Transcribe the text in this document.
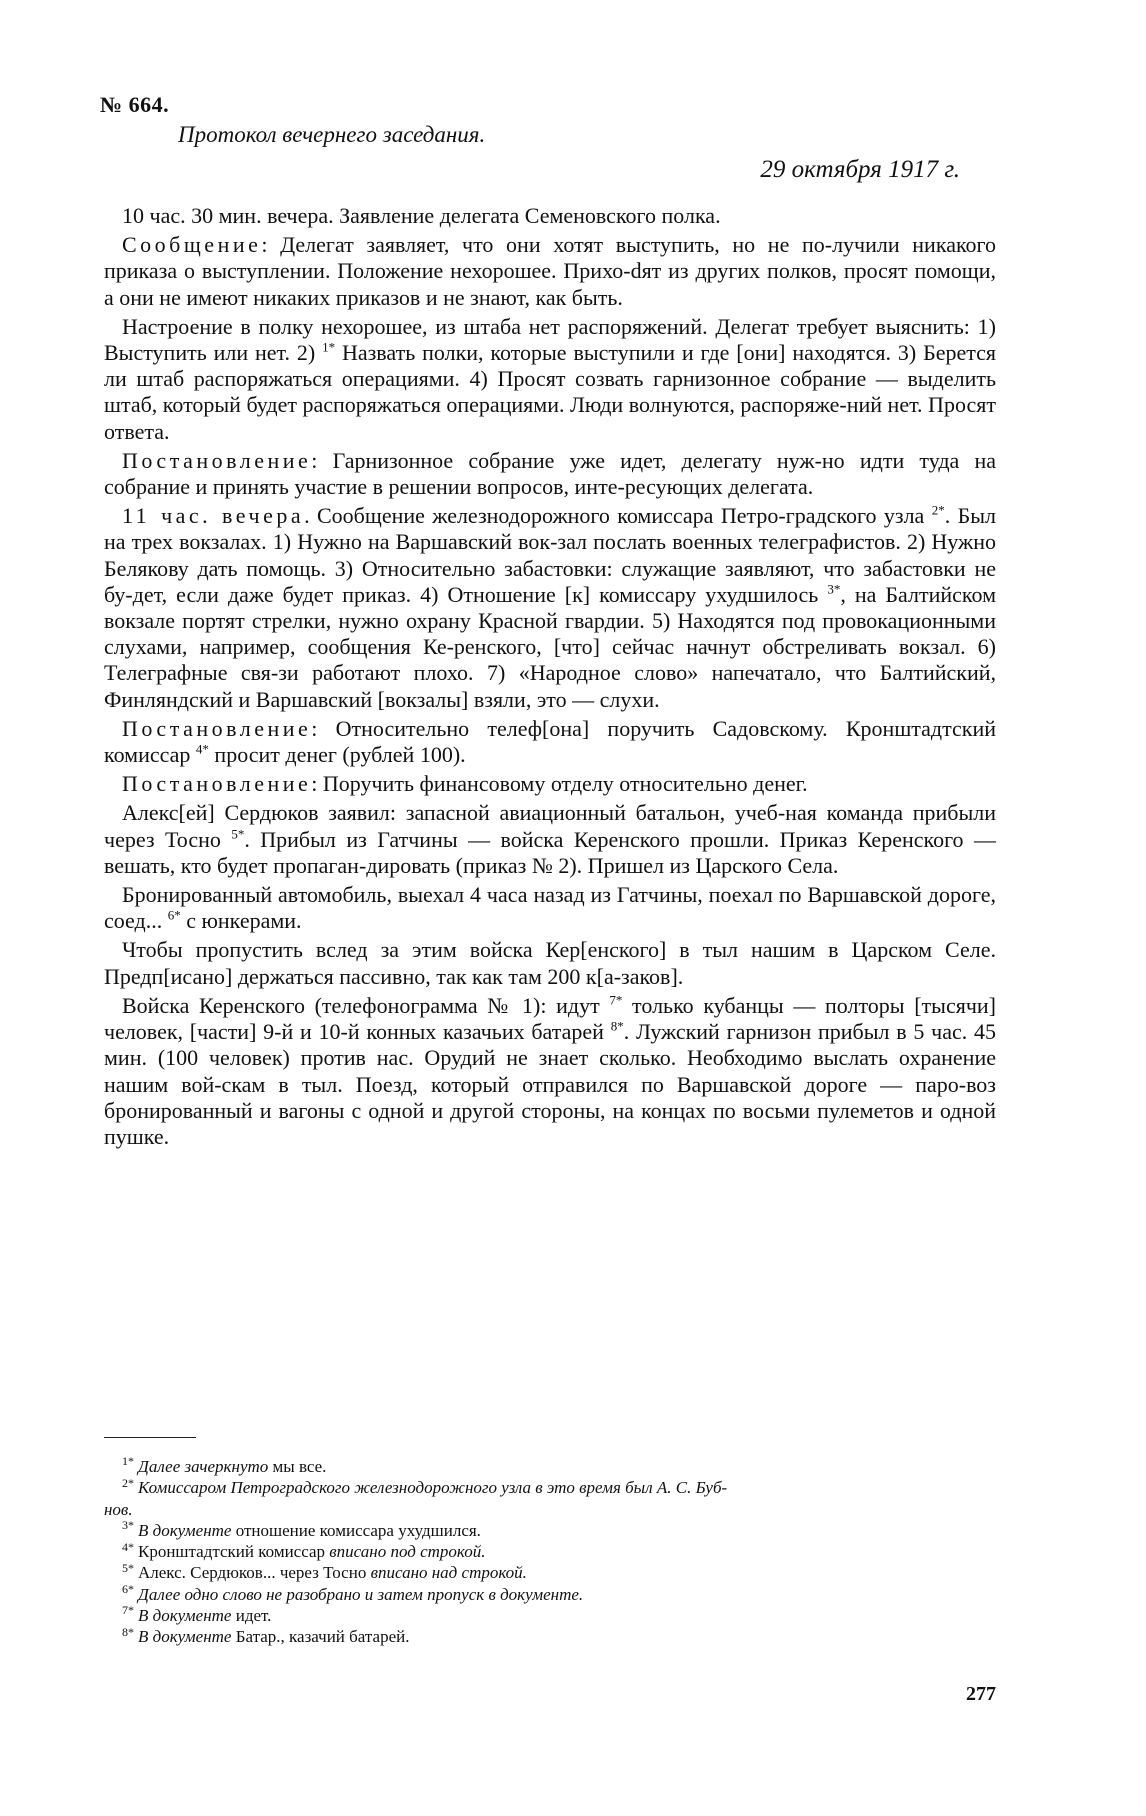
№ 664.
Протокол вечернего заседания.
29 октября 1917 г.

10 час. 30 мин. вечера. Заявление делегата Семеновского полка.

Сообщение: Делегат заявляет, что они хотят выступить, но не по-лучили никакого приказа о выступлении. Положение нехорошее. Прихо-dят из других полков, просят помощи, а они не имеют никаких приказов и не знают, как быть.

Настроение в полку нехорошее, из штаба нет распоряжений. Делегат требует выяснить: 1) Выступить или нет. 2) $^{1*}$ Назвать полки, которые выступили и где [они] находятся. 3) Берется ли штаб распоряжаться операциями. 4) Просят созвать гарнизонное собрание — выделить штаб, который будет распоряжаться операциями. Люди волнуются, распоряже-ний нет. Просят ответа.

Постановление: Гарнизонное собрание уже идет, делегату нуж-но идти туда на собрание и принять участие в решении вопросов, инте-ресующих делегата.

11 час. вечера. Сообщение железнодорожного комиссара Петро-градского узла $^{2*}$. Был на трех вокзалах. 1) Нужно на Варшавский вок-зал послать военных телеграфистов. 2) Нужно Белякову дать помощь. 3) Относительно забастовки: служащие заявляют, что забастовки не бу-дет, если даже будет приказ. 4) Отношение [к] комиссару ухудшилось $^{3*}$, на Балтийском вокзале портят стрелки, нужно охрану Красной гвардии. 5) Находятся под провокационными слухами, например, сообщения Ке-ренского, [что] сейчас начнут обстреливать вокзал. 6) Телеграфные свя-зи работают плохо. 7) «Народное слово» напечатало, что Балтийский, Финляндский и Варшавский [вокзалы] взяли, это — слухи.

Постановление: Относительно телеф[она] поручить Садовскому. Кронштадтский комиссар $^{4*}$ просит денег (рублей 100).

Постановление: Поручить финансовому отделу относительно денег.

Алекс[ей] Сердюков заявил: запасной авиационный батальон, учеб-ная команда прибыли через Тосно $^{5*}$. Прибыл из Гатчины — войска Керенского прошли. Приказ Керенского — вешать, кто будет пропаган-дировать (приказ № 2). Пришел из Царского Села.

Бронированный автомобиль, выехал 4 часа назад из Гатчины, поехал по Варшавской дороге, соед... $^{6*}$ с юнкерами.

Чтобы пропустить вслед за этим войска Кер[енского] в тыл нашим в Царском Селе. Предп[исано] держаться пассивно, так как там 200 к[а-заков].

Войска Керенского (телефонограмма № 1): идут $^{7*}$ только кубанцы — полторы [тысячи] человек, [части] 9-й и 10-й конных казачьих батарей $^{8*}$. Лужский гарнизон прибыл в 5 час. 45 мин. (100 человек) против нас. Орудий не знает сколько. Необходимо выслать охранение нашим вой-скам в тыл. Поезд, который отправился по Варшавской дороге — паро-воз бронированный и вагоны с одной и другой стороны, на концах по восьми пулеметов и одной пушке.

$^{1*}$ Далее зачеркнуто мы все.

$^{2*}$ Комиссаром Петроградского железнодорожного узла в это время был А. С. Буб-

нов.

$^{3*}$ В документе отношение комиссара ухудшился.

$^{4*}$ Кронштадтский комиссар вписано под строкой.

$^{5*}$ Алекс. Сердюков... через Тосно вписано над строкой.

$^{6*}$ Далее одно слово не разобрано и затем пропуск в документе.

$^{7*}$ В документе идет.

$^{8*}$ В документе Батар., казачий батарей.

277
